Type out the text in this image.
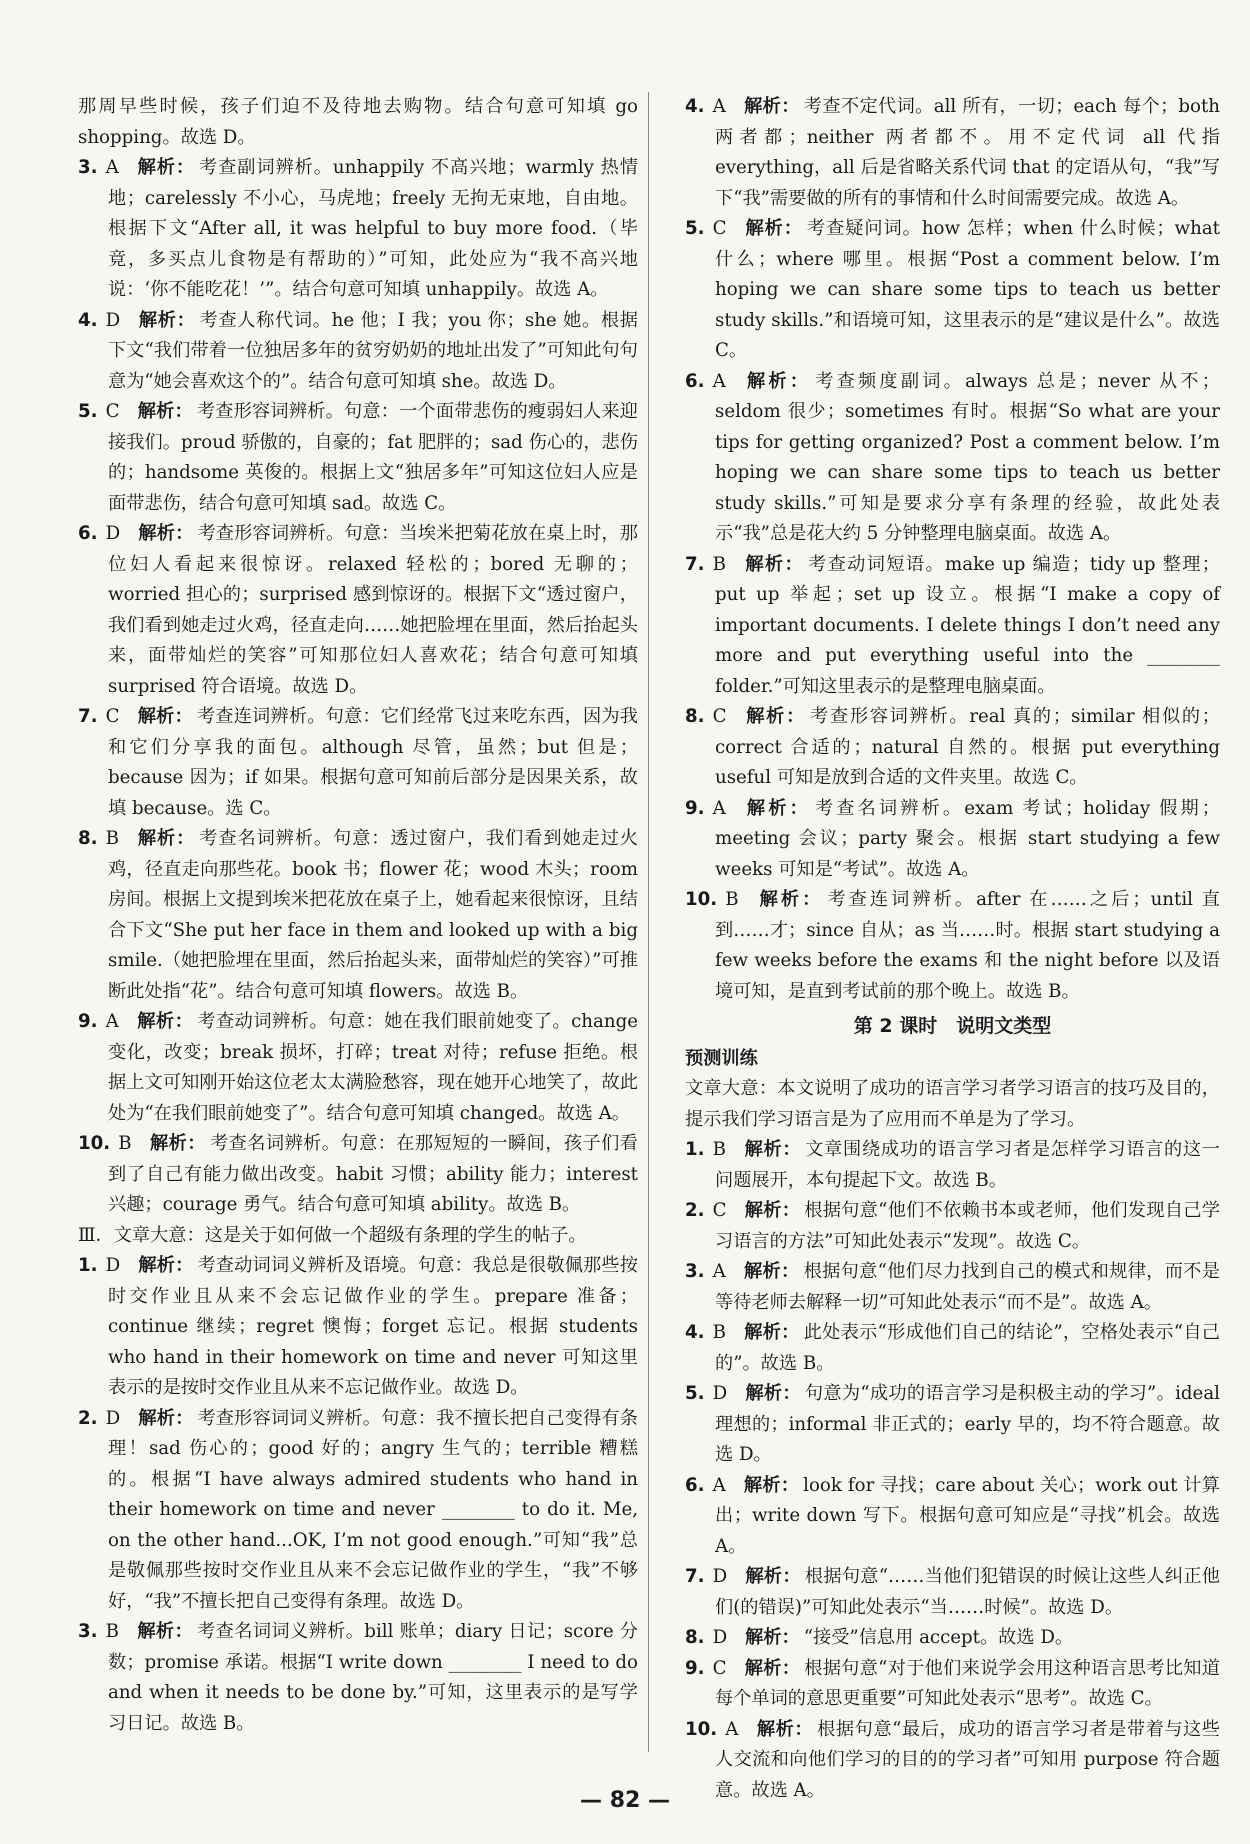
那周早些时候，孩子们迫不及待地去购物。结合句意可知填 go shopping。故选 D。
3. A 解析： 考查副词辨析。unhappily 不高兴地；warmly 热情地；carelessly 不小心，马虎地；freely 无拘无束地，自由地。根据下文“After all, it was helpful to buy more food.（毕竟，多买点儿食物是有帮助的）”可知，此处应为“我不高兴地说：‘你不能吃花！’”。结合句意可知填 unhappily。故选 A。
4. D 解析： 考查人称代词。he 他；I 我；you 你；she 她。根据下文“我们带着一位独居多年的贫穷奶奶的地址出发了”可知此句句意为“她会喜欢这个的”。结合句意可知填 she。故选 D。
5. C 解析： 考查形容词辨析。句意：一个面带悲伤的瘦弱妇人来迎接我们。proud 骄傲的，自豪的；fat 肥胖的；sad 伤心的，悲伤的；handsome 英俊的。根据上文“独居多年”可知这位妇人应是面带悲伤，结合句意可知填 sad。故选 C。
6. D 解析： 考查形容词辨析。句意：当埃米把菊花放在桌上时，那位妇人看起来很惊讶。relaxed 轻松的；bored 无聊的；worried 担心的；surprised 感到惊讶的。根据下文“透过窗户，我们看到她走过火鸡，径直走向……她把脸埋在里面，然后抬起头来，面带灿烂的笑容”可知那位妇人喜欢花；结合句意可知填 surprised 符合语境。故选 D。
7. C 解析： 考查连词辨析。句意：它们经常飞过来吃东西，因为我和它们分享我的面包。although 尽管，虽然；but 但是；because 因为；if 如果。根据句意可知前后部分是因果关系，故填 because。选 C。
8. B 解析： 考查名词辨析。句意：透过窗户，我们看到她走过火鸡，径直走向那些花。book 书；flower 花；wood 木头；room 房间。根据上文提到埃米把花放在桌子上，她看起来很惊讶，且结合下文“She put her face in them and looked up with a big smile.（她把脸埋在里面，然后抬起头来，面带灿烂的笑容）”可推断此处指“花”。结合句意可知填 flowers。故选 B。
9. A 解析： 考查动词辨析。句意：她在我们眼前她变了。change 变化，改变；break 损坏，打碎；treat 对待；refuse 拒绝。根据上文可知刚开始这位老太太满脸愁容，现在她开心地笑了，故此处为“在我们眼前她变了”。结合句意可知填 changed。故选 A。
10. B 解析： 考查名词辨析。句意：在那短短的一瞬间，孩子们看到了自己有能力做出改变。habit 习惯；ability 能力；interest 兴趣；courage 勇气。结合句意可知填 ability。故选 B。
Ⅲ．文章大意：这是关于如何做一个超级有条理的学生的帖子。
1. D 解析： 考查动词词义辨析及语境。句意：我总是很敬佩那些按时交作业且从来不会忘记做作业的学生。prepare 准备；continue 继续；regret 懊悔；forget 忘记。根据 students who hand in their homework on time and never 可知这里表示的是按时交作业且从来不忘记做作业。故选 D。
2. D 解析： 考查形容词词义辨析。句意：我不擅长把自己变得有条理！sad 伤心的；good 好的；angry 生气的；terrible 糟糕的。根据“I have always admired students who hand in their homework on time and never ________ to do it. Me, on the other hand...OK, I’m not good enough.”可知“我”总是敬佩那些按时交作业且从来不会忘记做作业的学生，“我”不够好，“我”不擅长把自己变得有条理。故选 D。
3. B 解析： 考查名词词义辨析。bill 账单；diary 日记；score 分数；promise 承诺。根据“I write down ________ I need to do and when it needs to be done by.”可知，这里表示的是写学习日记。故选 B。
4. A 解析： 考查不定代词。all 所有，一切；each 每个；both 两者都；neither 两者都不。用不定代词 all 代指 everything，all 后是省略关系代词 that 的定语从句，“我”写下“我”需要做的所有的事情和什么时间需要完成。故选 A。
5. C 解析： 考查疑问词。how 怎样；when 什么时候；what 什么；where 哪里。根据“Post a comment below. I’m hoping we can share some tips to teach us better study skills.”和语境可知，这里表示的是“建议是什么”。故选 C。
6. A 解析： 考查频度副词。always 总是；never 从不；seldom 很少；sometimes 有时。根据“So what are your tips for getting organized? Post a comment below. I’m hoping we can share some tips to teach us better study skills.”可知是要求分享有条理的经验，故此处表示“我”总是花大约 5 分钟整理电脑桌面。故选 A。
7. B 解析： 考查动词短语。make up 编造；tidy up 整理；put up 举起；set up 设立。根据“I make a copy of important documents. I delete things I don’t need any more and put everything useful into the ________ folder.”可知这里表示的是整理电脑桌面。
8. C 解析： 考查形容词辨析。real 真的；similar 相似的；correct 合适的；natural 自然的。根据 put everything useful 可知是放到合适的文件夹里。故选 C。
9. A 解析： 考查名词辨析。exam 考试；holiday 假期；meeting 会议；party 聚会。根据 start studying a few weeks 可知是“考试”。故选 A。
10. B 解析： 考查连词辨析。after 在……之后；until 直到……才；since 自从；as 当……时。根据 start studying a few weeks before the exams 和 the night before 以及语境可知，是直到考试前的那个晚上。故选 B。
第 2 课时　说明文类型
预测训练
文章大意：本文说明了成功的语言学习者学习语言的技巧及目的，提示我们学习语言是为了应用而不单是为了学习。
1. B 解析： 文章围绕成功的语言学习者是怎样学习语言的这一问题展开，本句提起下文。故选 B。
2. C 解析： 根据句意“他们不依赖书本或老师，他们发现自己学习语言的方法”可知此处表示“发现”。故选 C。
3. A 解析： 根据句意“他们尽力找到自己的模式和规律，而不是等待老师去解释一切”可知此处表示“而不是”。故选 A。
4. B 解析： 此处表示“形成他们自己的结论”，空格处表示“自己的”。故选 B。
5. D 解析： 句意为“成功的语言学习是积极主动的学习”。ideal 理想的；informal 非正式的；early 早的，均不符合题意。故选 D。
6. A 解析： look for 寻找；care about 关心；work out 计算出；write down 写下。根据句意可知应是“寻找”机会。故选 A。
7. D 解析： 根据句意“……当他们犯错误的时候让这些人纠正他们(的错误)”可知此处表示“当……时候”。故选 D。
8. D 解析： “接受”信息用 accept。故选 D。
9. C 解析： 根据句意“对于他们来说学会用这种语言思考比知道每个单词的意思更重要”可知此处表示“思考”。故选 C。
10. A 解析： 根据句意“最后，成功的语言学习者是带着与这些人交流和向他们学习的目的的学习者”可知用 purpose 符合题意。故选 A。
— 82 —
